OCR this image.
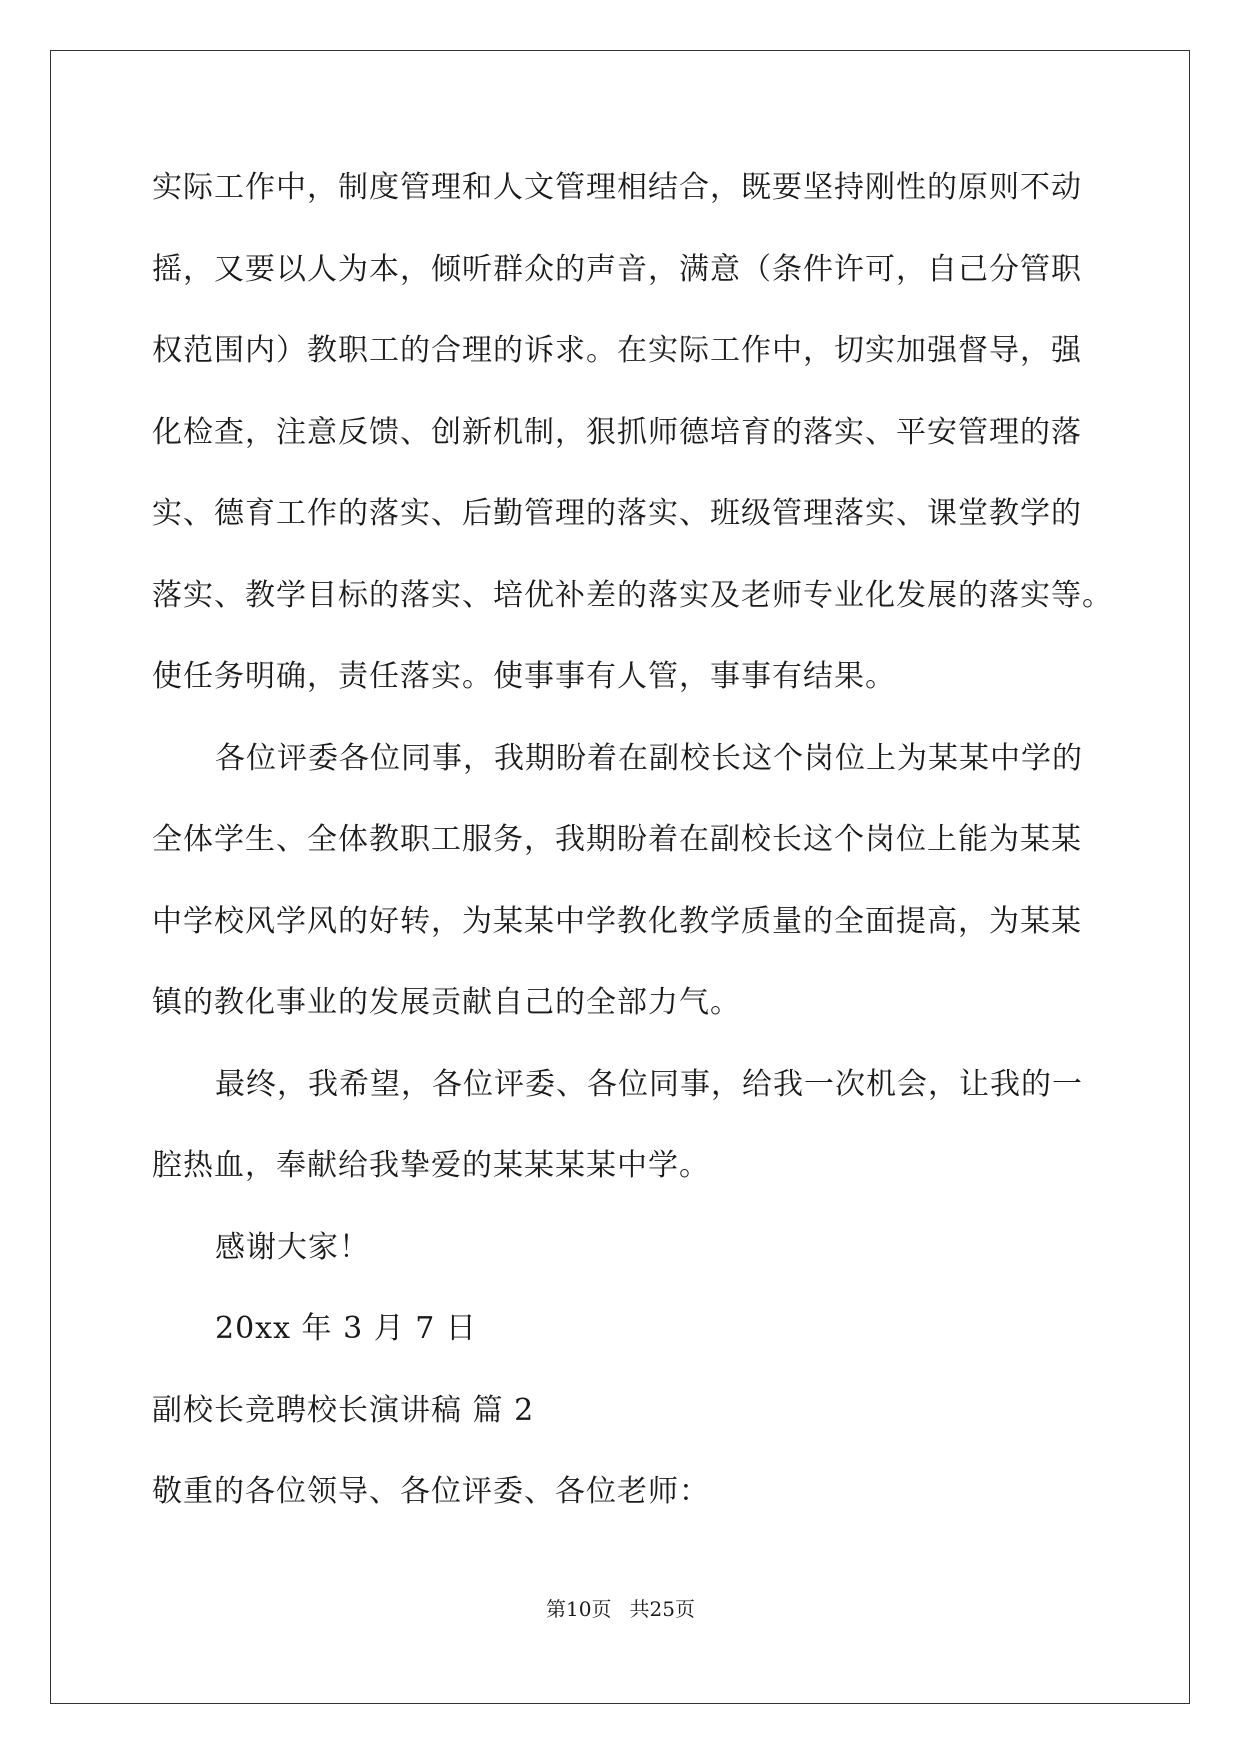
实际工作中，制度管理和人文管理相结合，既要坚持刚性的原则不动
摇，又要以人为本，倾听群众的声音，满意（条件许可，自己分管职
权范围内）教职工的合理的诉求。在实际工作中，切实加强督导，强
化检查，注意反馈、创新机制，狠抓师德培育的落实、平安管理的落
实、德育工作的落实、后勤管理的落实、班级管理落实、课堂教学的
落实、教学目标的落实、培优补差的落实及老师专业化发展的落实等。
使任务明确，责任落实。使事事有人管，事事有结果。
各位评委各位同事，我期盼着在副校长这个岗位上为某某中学的
全体学生、全体教职工服务，我期盼着在副校长这个岗位上能为某某
中学校风学风的好转，为某某中学教化教学质量的全面提高，为某某
镇的教化事业的发展贡献自己的全部力气。
最终，我希望，各位评委、各位同事，给我一次机会，让我的一
腔热血，奉献给我挚爱的某某某某中学。
感谢大家！
20xx 年 3 月 7 日
副校长竞聘校长演讲稿 篇 2
敬重的各位领导、各位评委、各位老师：
第10页 共25页
